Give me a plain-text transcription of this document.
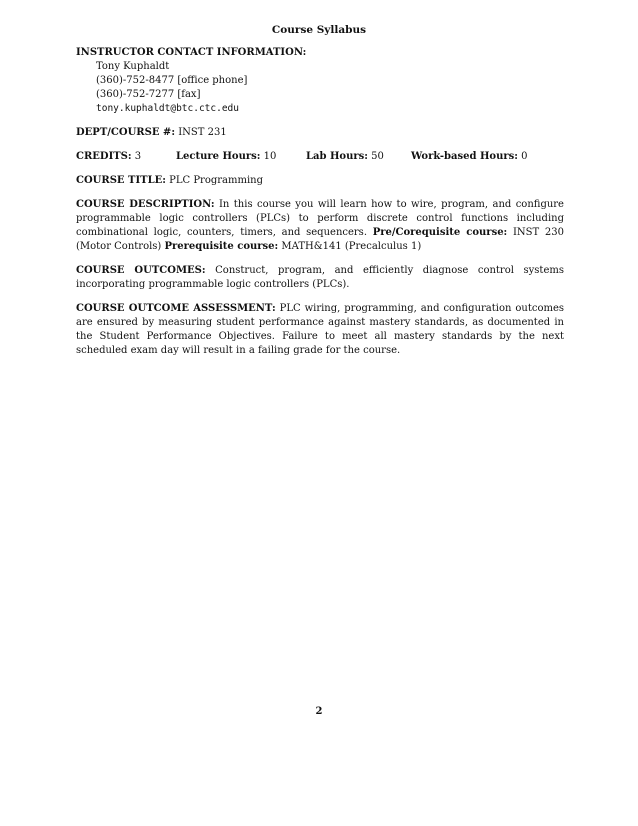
Course Syllabus
INSTRUCTOR CONTACT INFORMATION:
Tony Kuphaldt
(360)-752-8477 [office phone]
(360)-752-7277 [fax]
tony.kuphaldt@btc.ctc.edu
DEPT/COURSE #: INST 231
CREDITS: 3	Lecture Hours: 10	Lab Hours: 50	Work-based Hours: 0
COURSE TITLE: PLC Programming
COURSE DESCRIPTION: In this course you will learn how to wire, program, and configure programmable logic controllers (PLCs) to perform discrete control functions including combinational logic, counters, timers, and sequencers. Pre/Corequisite course: INST 230 (Motor Controls) Prerequisite course: MATH&141 (Precalculus 1)
COURSE OUTCOMES: Construct, program, and efficiently diagnose control systems incorporating programmable logic controllers (PLCs).
COURSE OUTCOME ASSESSMENT: PLC wiring, programming, and configuration outcomes are ensured by measuring student performance against mastery standards, as documented in the Student Performance Objectives. Failure to meet all mastery standards by the next scheduled exam day will result in a failing grade for the course.
2
